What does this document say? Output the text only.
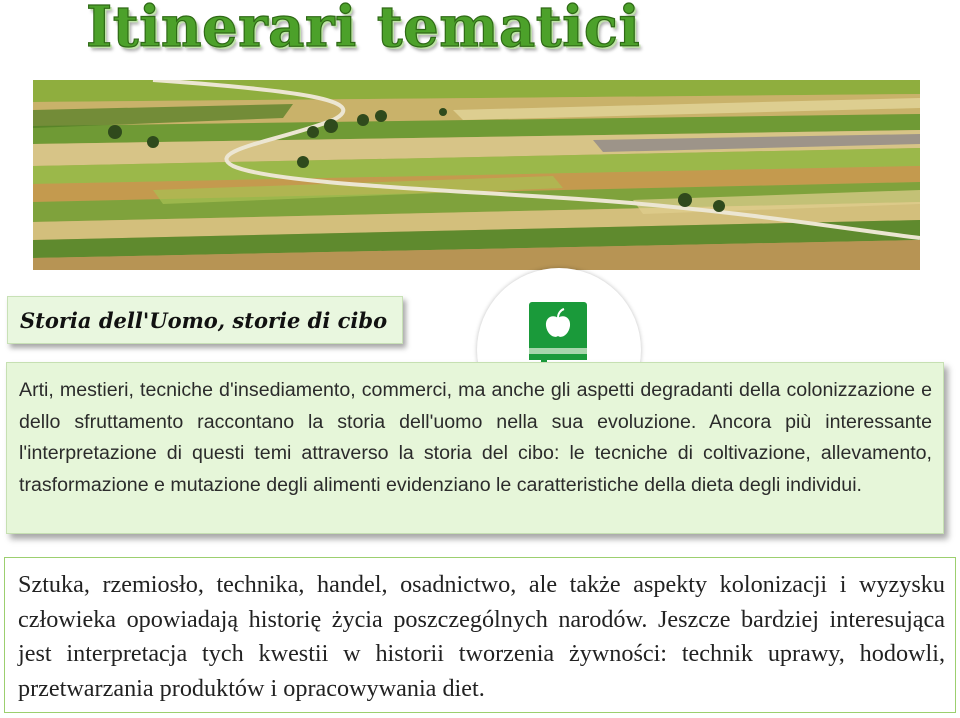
Itinerari tematici
Storia dell'Uomo, storie di cibo
Arti, mestieri, tecniche d'insediamento, commerci, ma anche gli aspetti degradanti della colonizzazione e dello sfruttamento raccontano la storia dell'uomo nella sua evoluzione. Ancora più interessante l'interpretazione di questi temi attraverso la storia del cibo: le tecniche di coltivazione, allevamento, trasformazione e mutazione degli alimenti evidenziano le caratteristiche della dieta degli individui.
Sztuka, rzemiosło, technika, handel, osadnictwo, ale także aspekty kolonizacji i wyzysku człowieka opowiadają historię życia poszczególnych narodów. Jeszcze bardziej interesująca jest interpretacja tych kwestii w historii tworzenia żywności: technik uprawy, hodowli, przetwarzania produktów i opracowywania diet.
